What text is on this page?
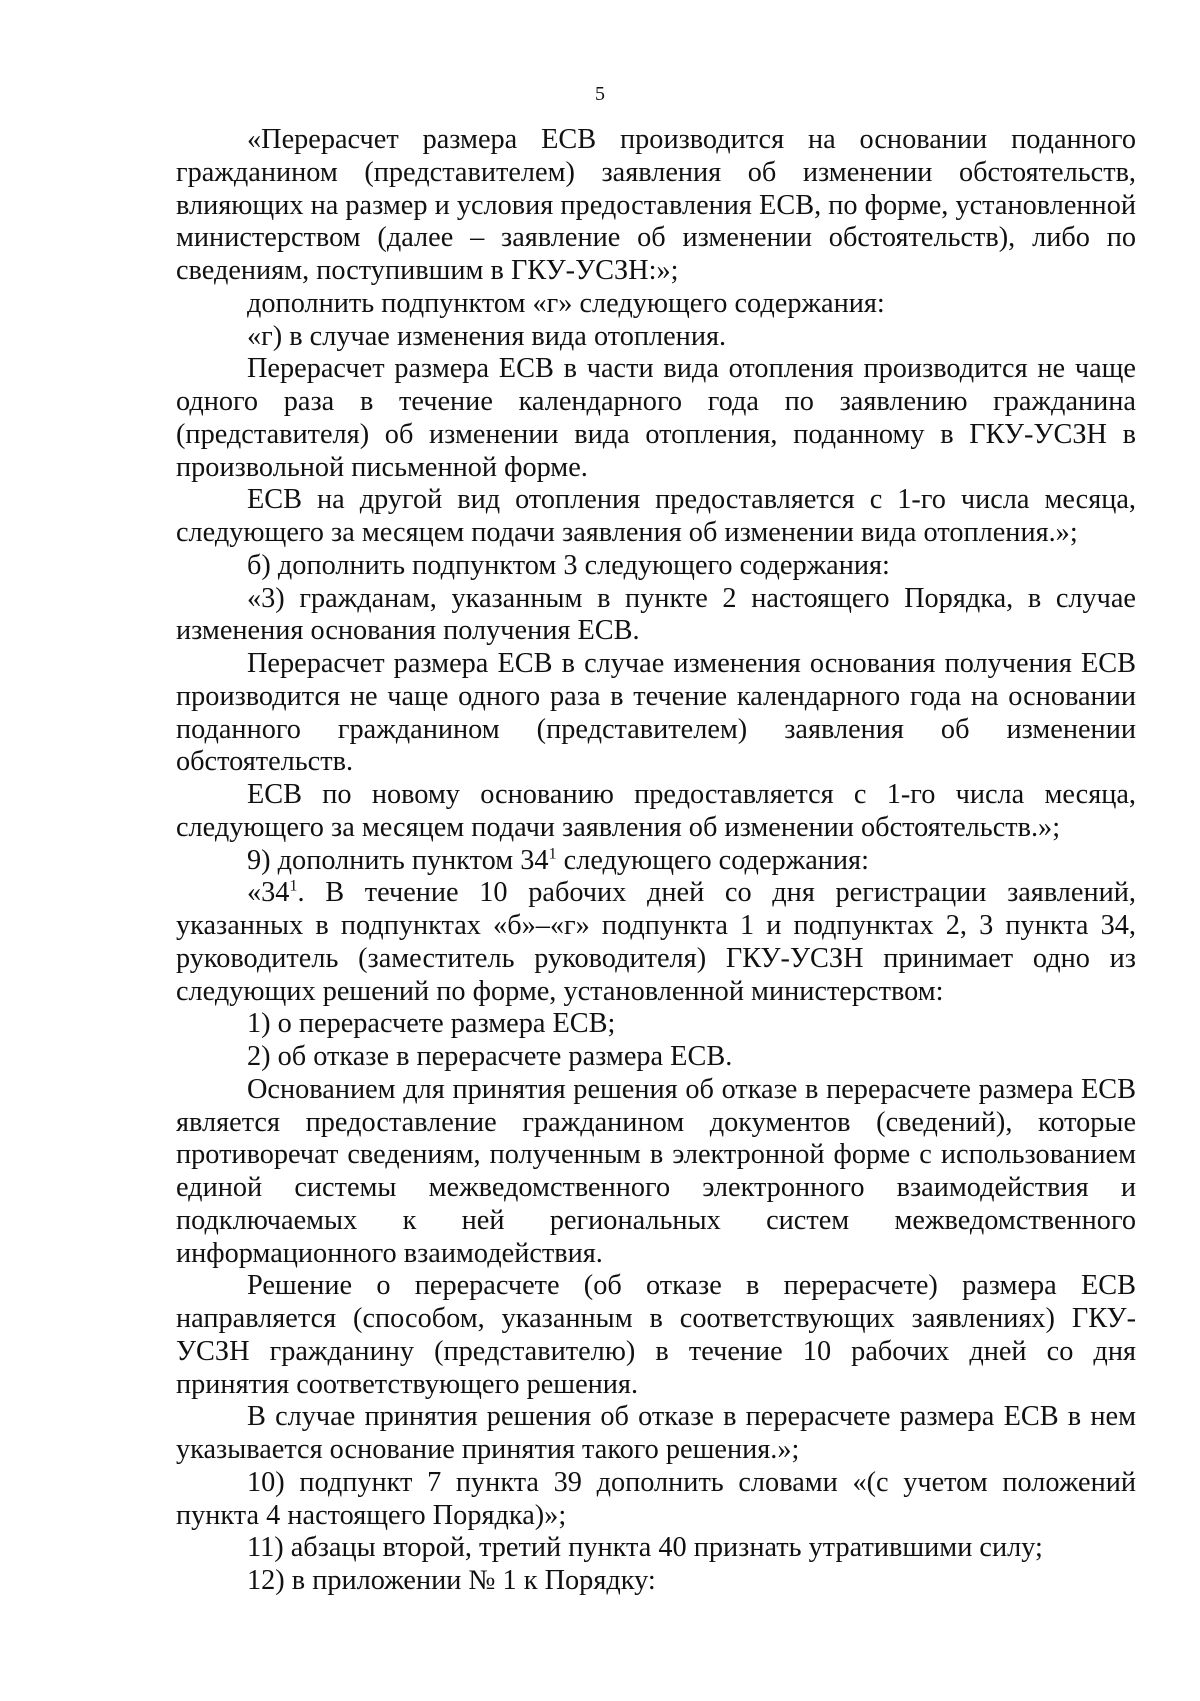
5

«Перерасчет размера ЕСВ производится на основании поданного гражданином (представителем) заявления об изменении обстоятельств, влияющих на размер и условия предоставления ЕСВ, по форме, установленной министерством (далее – заявление об изменении обстоятельств), либо по сведениям, поступившим в ГКУ-УСЗН:»;

дополнить подпунктом «г» следующего содержания:

«г) в случае изменения вида отопления.

Перерасчет размера ЕСВ в части вида отопления производится не чаще одного раза в течение календарного года по заявлению гражданина (представителя) об изменении вида отопления, поданному в ГКУ-УСЗН в произвольной письменной форме.

ЕСВ на другой вид отопления предоставляется с 1-го числа месяца, следующего за месяцем подачи заявления об изменении вида отопления.»;

б) дополнить подпунктом 3 следующего содержания:

«3) гражданам, указанным в пункте 2 настоящего Порядка, в случае изменения основания получения ЕСВ.

Перерасчет размера ЕСВ в случае изменения основания получения ЕСВ производится не чаще одного раза в течение календарного года на основании поданного гражданином (представителем) заявления об изменении обстоятельств.

ЕСВ по новому основанию предоставляется с 1-го числа месяца, следующего за месяцем подачи заявления об изменении обстоятельств.»;

9) дополнить пунктом $34^1$ следующего содержания:

«$34^1$. В течение 10 рабочих дней со дня регистрации заявлений, указанных в подпунктах «б»–«г» подпункта 1 и подпунктах 2, 3 пункта 34, руководитель (заместитель руководителя) ГКУ-УСЗН принимает одно из следующих решений по форме, установленной министерством:

1) о перерасчете размера ЕСВ;

2) об отказе в перерасчете размера ЕСВ.

Основанием для принятия решения об отказе в перерасчете размера ЕСВ является предоставление гражданином документов (сведений), которые противоречат сведениям, полученным в электронной форме с использованием единой системы межведомственного электронного взаимодействия и подключаемых к ней региональных систем межведомственного информационного взаимодействия.

Решение о перерасчете (об отказе в перерасчете) размера ЕСВ направляется (способом, указанным в соответствующих заявлениях) ГКУ-УСЗН гражданину (представителю) в течение 10 рабочих дней со дня принятия соответствующего решения.

В случае принятия решения об отказе в перерасчете размера ЕСВ в нем указывается основание принятия такого решения.»;

10) подпункт 7 пункта 39 дополнить словами «(с учетом положений пункта 4 настоящего Порядка)»;

11) абзацы второй, третий пункта 40 признать утратившими силу;

12) в приложении № 1 к Порядку:
